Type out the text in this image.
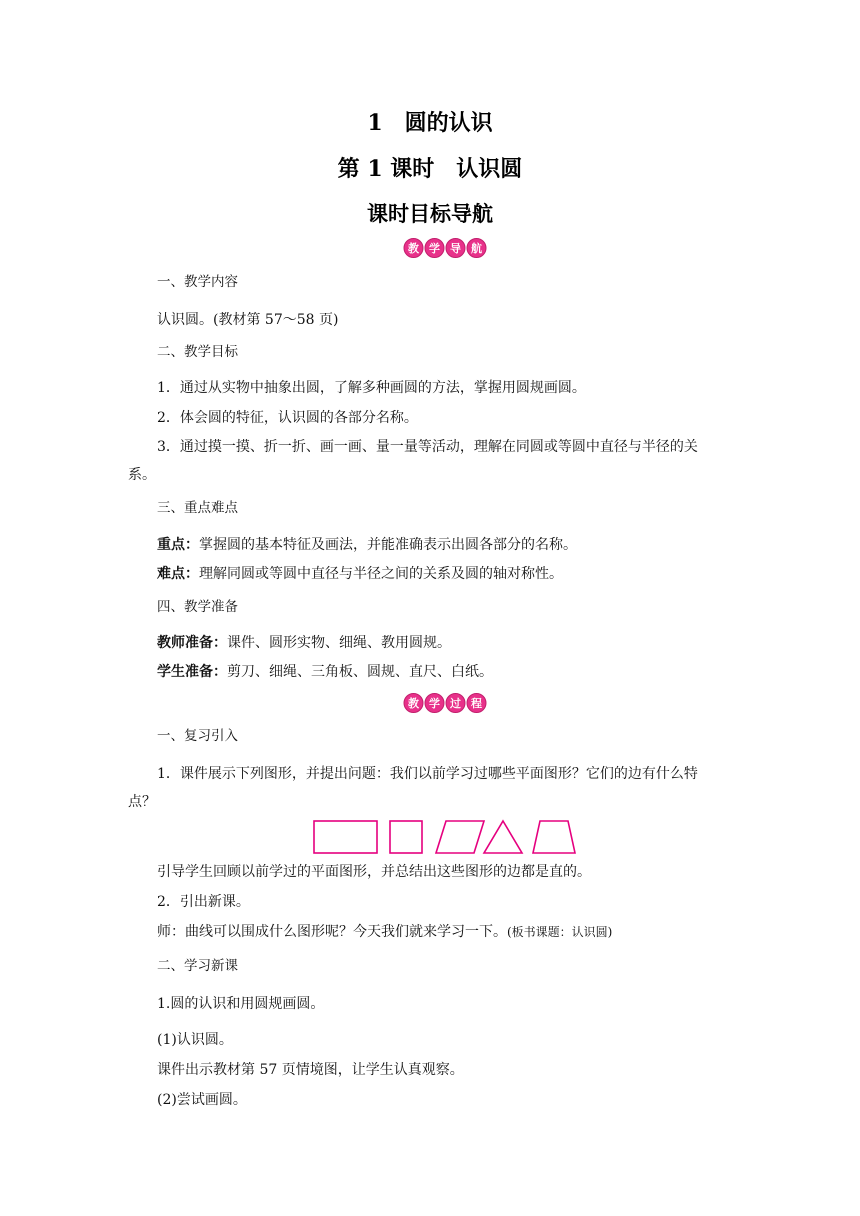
1　圆的认识
第 1 课时　认识圆
课时目标导航
教 学 导 航
一、教学内容
认识圆。(教材第 57～58 页)
二、教学目标
1．通过从实物中抽象出圆，了解多种画圆的方法，掌握用圆规画圆。
2．体会圆的特征，认识圆的各部分名称。
3．通过摸一摸、折一折、画一画、量一量等活动，理解在同圆或等圆中直径与半径的关
系。
三、重点难点
重点：掌握圆的基本特征及画法，并能准确表示出圆各部分的名称。
难点：理解同圆或等圆中直径与半径之间的关系及圆的轴对称性。
四、教学准备
教师准备：课件、圆形实物、细绳、教用圆规。
学生准备：剪刀、细绳、三角板、圆规、直尺、白纸。
教 学 过 程
一、复习引入
1．课件展示下列图形，并提出问题：我们以前学习过哪些平面图形？它们的边有什么特
点？
引导学生回顾以前学过的平面图形，并总结出这些图形的边都是直的。
2．引出新课。
师：曲线可以围成什么图形呢？今天我们就来学习一下。(板书课题：认识圆)
二、学习新课
1.圆的认识和用圆规画圆。
(1)认识圆。
课件出示教材第 57 页情境图，让学生认真观察。
(2)尝试画圆。
